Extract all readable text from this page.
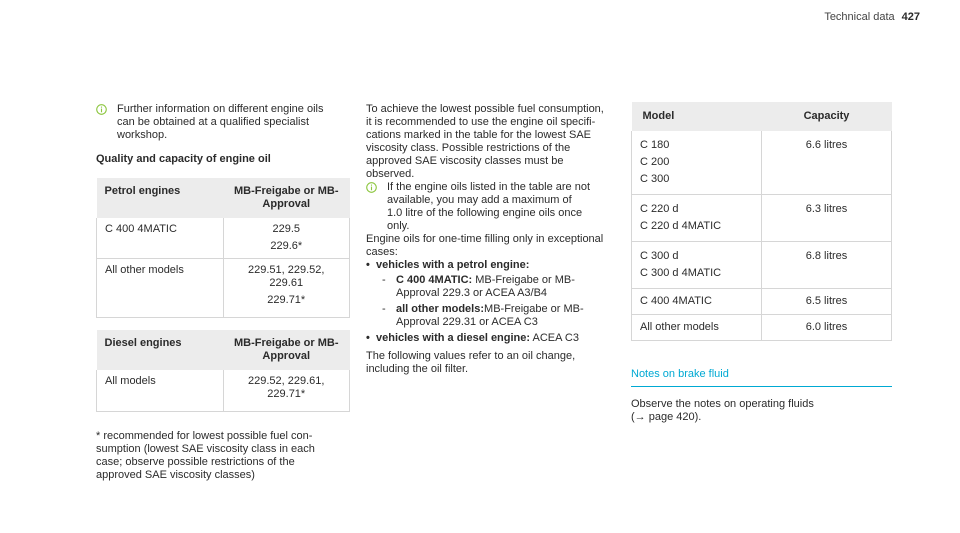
Technical data 427
Further information on different engine oils
can be obtained at a qualified specialist
workshop.
Quality and capacity of engine oil
Petrol engines	MB-Freigabe or MB-Approval
C 400 4MATIC	229.5
229.6*

All other models	229.51, 229.52,
229.61
229.71*
Diesel engines	MB-Freigabe or MB-Approval
All models	229.52, 229.61,
229.71*
* recommended for lowest possible fuel con-
sumption (lowest SAE viscosity class in each
case; observe possible restrictions of the
approved SAE viscosity classes)
To achieve the lowest possible fuel consumption,
it is recommended to use the engine oil specifi-
cations marked in the table for the lowest SAE
viscosity class. Possible restrictions of the
approved SAE viscosity classes must be
observed.
If the engine oils listed in the table are not
available, you may add a maximum of
1.0 litre of the following engine oils once
only.
Engine oils for one-time filling only in exceptional
cases:
• vehicles with a petrol engine:
- C 400 4MATIC: MB-Freigabe or MB-
Approval 229.3 or ACEA A3/B4
- all other models:MB-Freigabe or MB-
Approval 229.31 or ACEA C3
• vehicles with a diesel engine: ACEA C3
The following values refer to an oil change,
including the oil filter.
Model	Capacity

C 180
C 200
C 300	6.6 litres

C 220 d
C 220 d 4MATIC	6.3 litres

C 300 d
C 300 d 4MATIC	6.8 litres
C 400 4MATIC	6.5 litres
All other models	6.0 litres
Notes on brake fluid
Observe the notes on operating fluids
(→ page 420).
